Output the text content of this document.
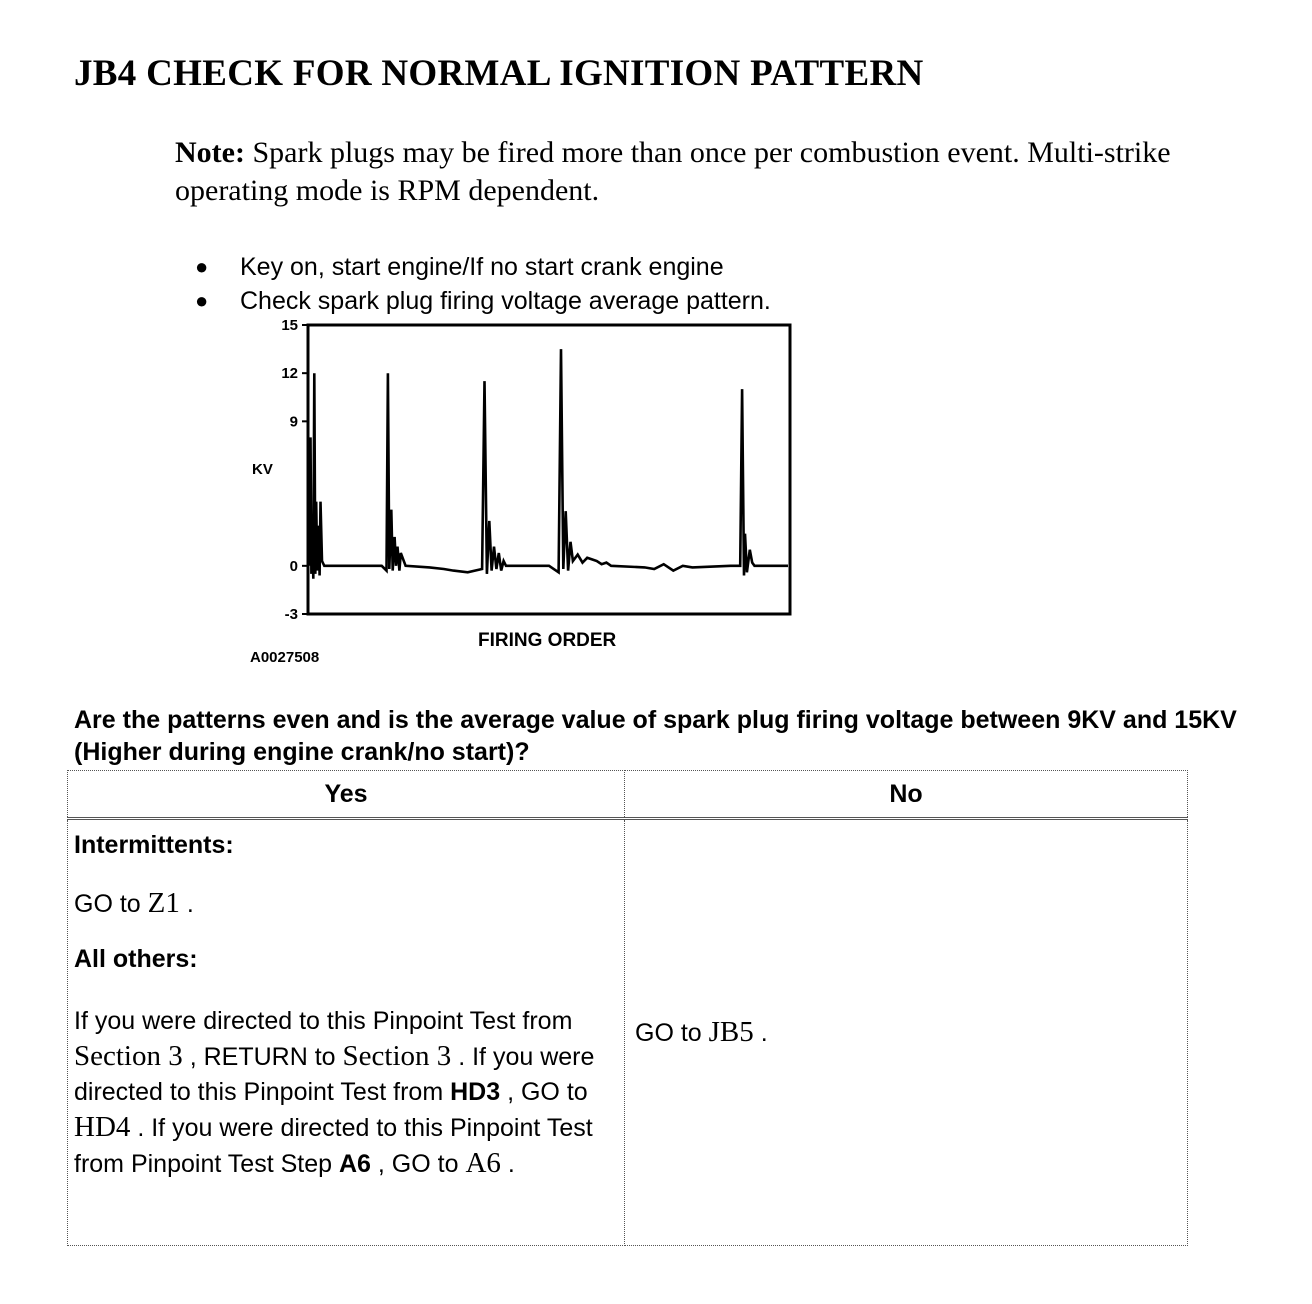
JB4 CHECK FOR NORMAL IGNITION PATTERN
Note: Spark plugs may be fired more than once per combustion event. Multi-strike operating mode is RPM dependent.
● Key on, start engine/If no start crank engine
● Check spark plug firing voltage average pattern.
KV
FIRING ORDER
A0027508
15
12
9
0
-3
Are the patterns even and is the average value of spark plug firing voltage between 9KV and 15KV (Higher during engine crank/no start)?
Yes	No

Intermittents:

GO to Z1 .

All others:

If you were directed to this Pinpoint Test from Section 3 , RETURN to Section 3 . If you were directed to this Pinpoint Test from HD3 , GO to HD4 . If you were directed to this Pinpoint Test from Pinpoint Test Step A6 , GO to A6 .	GO to JB5 .
